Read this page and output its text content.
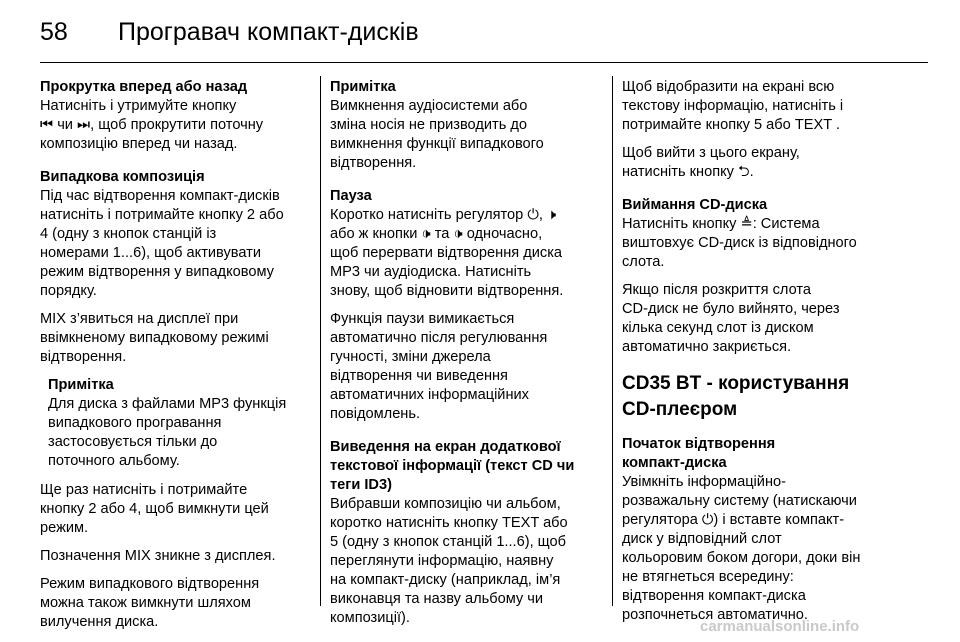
58 Програвач компакт-дисків
Прокрутка вперед або назад
Натисніть і утримуйте кнопку
⏮ чи ⏭, щоб прокрутити поточну
композицію вперед чи назад.
Випадкова композиція
Під час відтворення компакт-дисків
натисніть і потримайте кнопку 2 або
4 (одну з кнопок станцій із
номерами 1...6), щоб активувати
режим відтворення у випадковому
порядку.
MIX з’явиться на дисплеї при
ввімкненому випадковому режимі
відтворення.
Примітка
Для диска з файлами MP3 функція
випадкового програвання
застосовується тільки до
поточного альбому.
Ще раз натисніть і потримайте
кнопку 2 або 4, щоб вимкнути цей
режим.
Позначення MIX зникне з дисплея.
Режим випадкового відтворення
можна також вимкнути шляхом
вилучення диска.
Примітка
Вимкнення аудіосистеми або
зміна носія не призводить до
вимкнення функції випадкового
відтворення.
Пауза
Коротко натисніть регулятор ⏻, 🕨
або ж кнопки 🕩 та 🕩 одночасно,
щоб перервати відтворення диска
MP3 чи аудіодиска. Натисніть
знову, щоб відновити відтворення.
Функція паузи вимикається
автоматично після регулювання
гучності, зміни джерела
відтворення чи виведення
автоматичних інформаційних
повідомлень.
Виведення на екран додаткової
текстової інформації (текст CD чи
теги ID3)
Вибравши композицію чи альбом,
коротко натисніть кнопку TEXT або
5 (одну з кнопок станцій 1...6), щоб
переглянути інформацію, наявну
на компакт-диску (наприклад, ім’я
виконавця та назву альбому чи
композиції).
Щоб відобразити на екрані всю
текстову інформацію, натисніть і
потримайте кнопку 5 або TEXT .
Щоб вийти з цього екрану,
натисніть кнопку ⮌.
Виймання CD-диска
Натисніть кнопку ≜: Система
виштовхує CD-диск із відповідного
слота.
Якщо після розкриття слота
CD-диск не було вийнято, через
кілька секунд слот із диском
автоматично закриється.
CD35 BT - користування
CD-плеєром
Початок відтворення
компакт-диска
Увімкніть інформаційно-
розважальну систему (натискаючи
регулятора ⏻) і вставте компакт-
диск у відповідний слот
кольоровим боком догори, доки він
не втягнеться всередину:
відтворення компакт-диска
розпочнеться автоматично.
carmanualsonline.info
